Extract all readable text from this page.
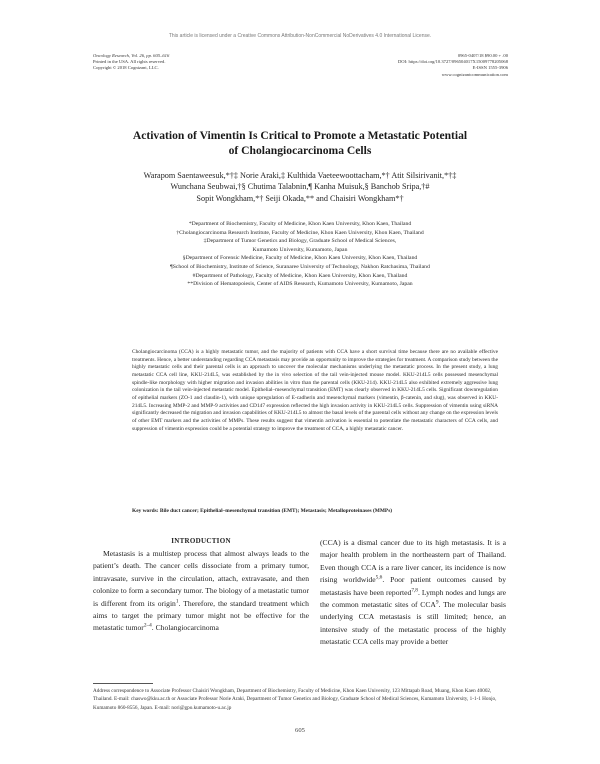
This article is licensed under a Creative Commons Attribution-NonCommercial NoDerivatives 4.0 International License.
Oncology Research, Vol. 26, pp. 605–616
Printed in the USA. All rights reserved.
Copyright © 2018 Cognizant, LLC.
0965-0407/18 $90.00 + .00
DOI: https://doi.org/10.3727/096504017X15009778205068
E-ISSN 1555-3906
www.cognizantcommunication.com
Activation of Vimentin Is Critical to Promote a Metastatic Potential
of Cholangiocarcinoma Cells
Warapom Saentaweesuk,*†‡ Norie Araki,‡ Kulthida Vaeteewoottacham,*† Atit Silsirivanit,*†‡
Wunchana Seubwai,†§ Chutima Talabnin,¶ Kanha Muisuk,§ Banchob Sripa,†#
Sopit Wongkham,*† Seiji Okada,** and Chaisiri Wongkham*†
*Department of Biochemistry, Faculty of Medicine, Khon Kaen University, Khon Kaen, Thailand
†Cholangiocarcinoma Research Institute, Faculty of Medicine, Khon Kaen University, Khon Kaen, Thailand
‡Department of Tumor Genetics and Biology, Graduate School of Medical Sciences,
Kumamoto University, Kumamoto, Japan
§Department of Forensic Medicine, Faculty of Medicine, Khon Kaen University, Khon Kaen, Thailand
¶School of Biochemistry, Institute of Science, Suranaree University of Technology, Nakhon Ratchasima, Thailand
#Department of Pathology, Faculty of Medicine, Khon Kaen University, Khon Kaen, Thailand
**Division of Hematopoiesis, Center of AIDS Research, Kumamoto University, Kumamoto, Japan
Cholangiocarcinoma (CCA) is a highly metastatic tumor, and the majority of patients with CCA have a short survival time because there are no available effective treatments. Hence, a better understanding regarding CCA metastasis may provide an opportunity to improve the strategies for treatment. A comparison study between the highly metastatic cells and their parental cells is an approach to uncover the molecular mechanisms underlying the metastatic process. In the present study, a lung metastatic CCA cell line, KKU-214L5, was established by the in vivo selection of the tail vein-injected mouse model. KKU-214L5 cells possessed mesenchymal spindle-like morphology with higher migration and invasion abilities in vitro than the parental cells (KKU-214). KKU-214L5 also exhibited extremely aggressive lung colonization in the tail vein-injected metastatic model. Epithelial–mesenchymal transition (EMT) was clearly observed in KKU-214L5 cells. Significant downregulation of epithelial markers (ZO-1 and claudin-1), with unique upregulation of E-cadherin and mesenchymal markers (vimentin, β-catenin, and slug), was observed in KKU-214L5. Increasing MMP-2 and MMP-9 activities and CD147 expression reflected the high invasion activity in KKU-214L5 cells. Suppression of vimentin using siRNA significantly decreased the migration and invasion capabilities of KKU-214L5 to almost the basal levels of the parental cells without any change on the expression levels of other EMT markers and the activities of MMPs. These results suggest that vimentin activation is essential to potentiate the metastatic characters of CCA cells, and suppression of vimentin expression could be a potential strategy to improve the treatment of CCA, a highly metastatic cancer.
Key words: Bile duct cancer; Epithelial–mesenchymal transition (EMT); Metastasis; Metalloproteinases (MMPs)
INTRODUCTION
Metastasis is a multistep process that almost always leads to the patient’s death. The cancer cells dissociate from a primary tumor, intravasate, survive in the circulation, attach, extravasate, and then colonize to form a secondary tumor. The biology of a metastatic tumor is different from its origin$^1$. Therefore, the standard treatment which aims to target the primary tumor might not be effective for the metastatic tumor$^{2-4}$. Cholangiocarcinoma
(CCA) is a dismal cancer due to its high metastasis. It is a major health problem in the northeastern part of Thailand. Even though CCA is a rare liver cancer, its incidence is now rising worldwide$^{5,6}$. Poor patient outcomes caused by metastasis have been reported$^{7,8}$. Lymph nodes and lungs are the common metastatic sites of CCA$^9$. The molecular basis underlying CCA metastasis is still limited; hence, an intensive study of the metastatic process of the highly metastatic CCA cells may provide a better
Address correspondence to Associate Professor Chaisiri Wongkham, Department of Biochemistry, Faculty of Medicine, Khon Kaen University, 123 Mittapab Road, Muang, Khon Kaen 40002, Thailand. E-mail: chaswo@kku.ac.th or Associate Professor Norie Araki, Department of Tumor Genetics and Biology, Graduate School of Medical Sciences, Kumamoto University, 1-1-1 Honjo, Kumamoto 860-8556, Japan. E-mail: nori@gpo.kumamoto-u.ac.jp
605
